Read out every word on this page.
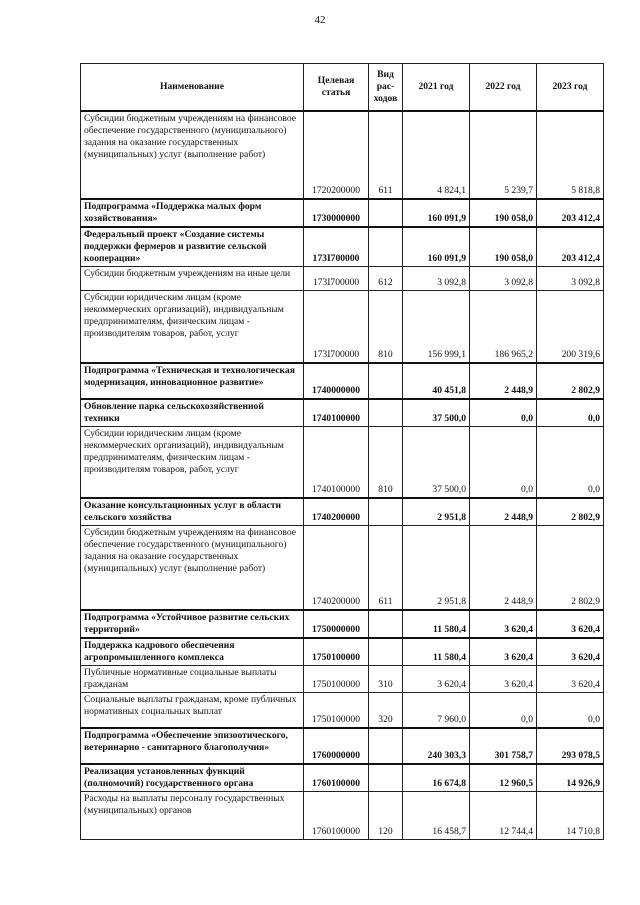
42
Наименование	Целевая статья	Вид рас-ходов	2021 год	2022 год	2023 год
Субсидии бюджетным учреждениям на финансовое обеспечение государственного (муниципального) задания на оказание государственных (муниципальных) услуг (выполнение работ)	1720200000	611	4 824,1	5 239,7	5 818,8
Подпрограмма «Поддержка малых форм хозяйствования»	1730000000		160 091,9	190 058,0	203 412,4
Федеральный проект «Создание системы поддержки фермеров и развитие сельской кооперации»	173I700000		160 091,9	190 058,0	203 412,4
Субсидии бюджетным учреждениям на иные цели	173I700000	612	3 092,8	3 092,8	3 092,8
Субсидии юридическим лицам (кроме некоммерческих организаций), индивидуальным предпринимателям, физическим лицам - производителям товаров, работ, услуг	173I700000	810	156 999,1	186 965,2	200 319,6
Подпрограмма «Техническая и технологическая модернизация, инновационное развитие»	1740000000		40 451,8	2 448,9	2 802,9
Обновление парка сельскохозяйственной техники	1740100000		37 500,0	0,0	0,0
Субсидии юридическим лицам (кроме некоммерческих организаций), индивидуальным предпринимателям, физическим лицам - производителям товаров, работ, услуг	1740100000	810	37 500,0	0,0	0,0
Оказание консультационных услуг в области сельского хозяйства	1740200000		2 951,8	2 448,9	2 802,9
Субсидии бюджетным учреждениям на финансовое обеспечение государственного (муниципального) задания на оказание государственных (муниципальных) услуг (выполнение работ)	1740200000	611	2 951,8	2 448,9	2 802,9
Подпрограмма «Устойчивое развитие сельских территорий»	1750000000		11 580,4	3 620,4	3 620,4
Поддержка кадрового обеспечения агропромышленного комплекса	1750100000		11 580,4	3 620,4	3 620,4
Публичные нормативные социальные выплаты гражданам	1750100000	310	3 620,4	3 620,4	3 620,4
Социальные выплаты гражданам, кроме публичных нормативных социальных выплат	1750100000	320	7 960,0	0,0	0,0
Подпрограмма «Обеспечение эпизоотического, ветеринарно - санитарного благополучия»	1760000000		240 303,3	301 758,7	293 078,5
Реализация установленных функций (полномочий) государственного органа	1760100000		16 674,8	12 960,5	14 926,9
Расходы на выплаты персоналу государственных (муниципальных) органов	1760100000	120	16 458,7	12 744,4	14 710,8
